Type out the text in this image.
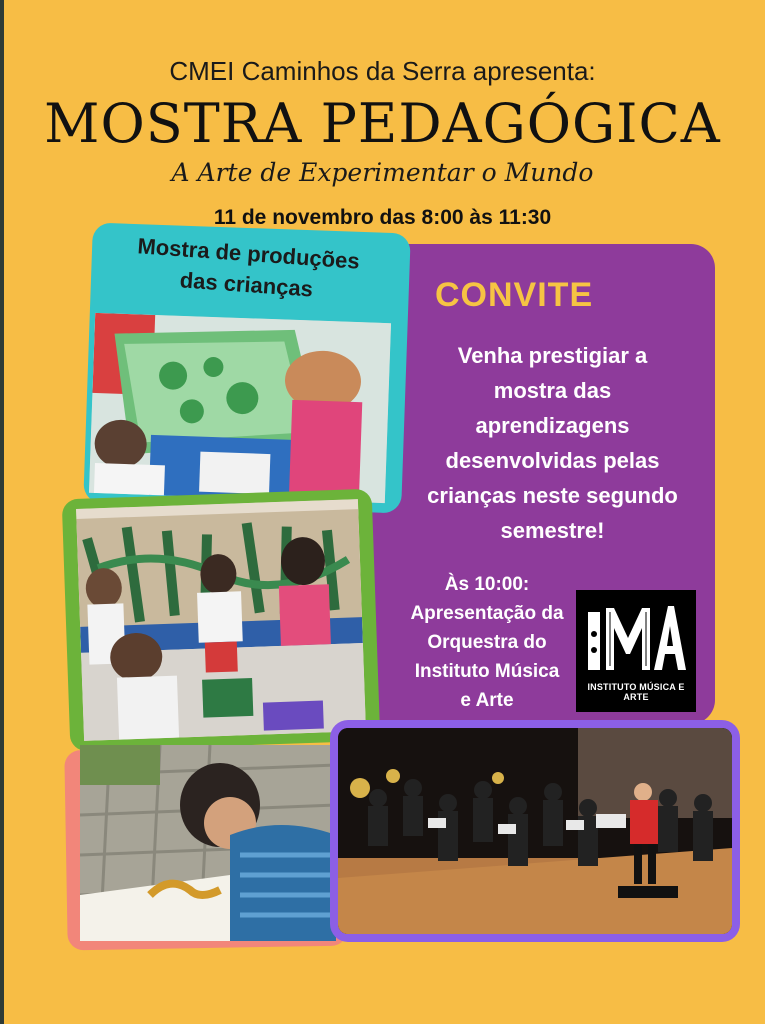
CMEI Caminhos da Serra apresenta:
MOSTRA PEDAGÓGICA
A Arte de Experimentar o Mundo
11 de novembro das 8:00 às 11:30
CONVITE
Venha prestigiar a
mostra das
aprendizagens
desenvolvidas pelas
crianças neste segundo
semestre!
Às 10:00:
Apresentação da
Orquestra do
Instituto Música
e Arte
INSTITUTO MÚSICA E ARTE
Mostra de produções
das crianças
